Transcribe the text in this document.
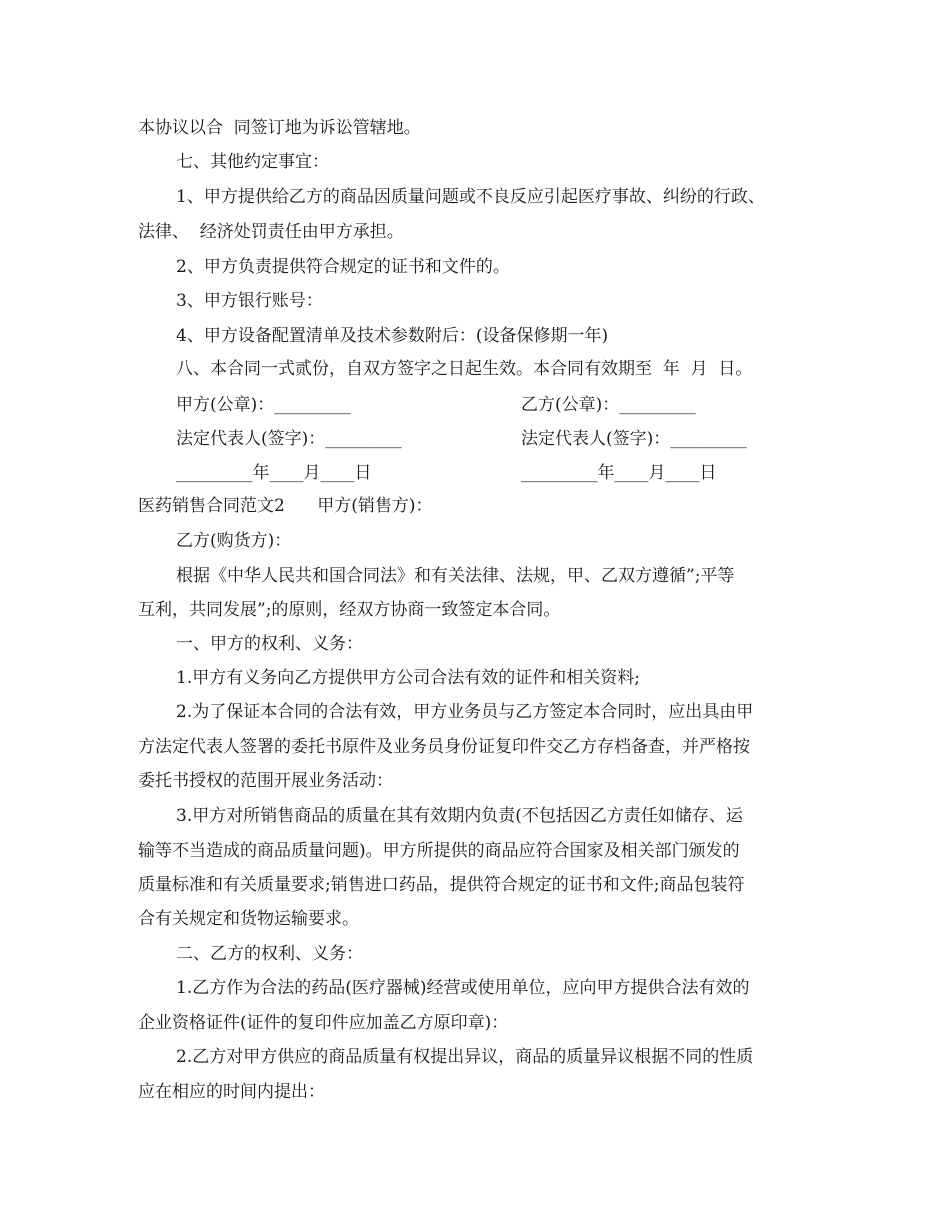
本协议以合  同签订地为诉讼管辖地。

七、其他约定事宜：

1、甲方提供给乙方的商品因质量问题或不良反应引起医疗事故、纠纷的行政、

法律、  经济处罚责任由甲方承担。

2、甲方负责提供符合规定的证书和文件的。

3、甲方银行账号：

4、甲方设备配置清单及技术参数附后：(设备保修期一年)

八、本合同一式贰份，自双方签字之日起生效。本合同有效期至  年  月  日。

甲方(公章)：_________	乙方(公章)：_________

法定代表人(签字)：_________	法定代表人(签字)：_________

_________年____月____日	_________年____月____日

医药销售合同范文2      甲方(销售方)：

乙方(购货方)：

根据《中华人民共和国合同法》和有关法律、法规，甲、乙双方遵循”;平等

互利，共同发展”;的原则，经双方协商一致签定本合同。

一、甲方的权利、义务：

1.甲方有义务向乙方提供甲方公司合法有效的证件和相关资料;

2.为了保证本合同的合法有效，甲方业务员与乙方签定本合同时，应出具由甲

方法定代表人签署的委托书原件及业务员身份证复印件交乙方存档备查，并严格按

委托书授权的范围开展业务活动：

3.甲方对所销售商品的质量在其有效期内负责(不包括因乙方责任如储存、运

输等不当造成的商品质量问题)。甲方所提供的商品应符合国家及相关部门颁发的

质量标准和有关质量要求;销售进口药品，提供符合规定的证书和文件;商品包装符

合有关规定和货物运输要求。

二、乙方的权利、义务：

1.乙方作为合法的药品(医疗器械)经营或使用单位，应向甲方提供合法有效的

企业资格证件(证件的复印件应加盖乙方原印章)：

2.乙方对甲方供应的商品质量有权提出异议，商品的质量异议根据不同的性质

应在相应的时间内提出：
